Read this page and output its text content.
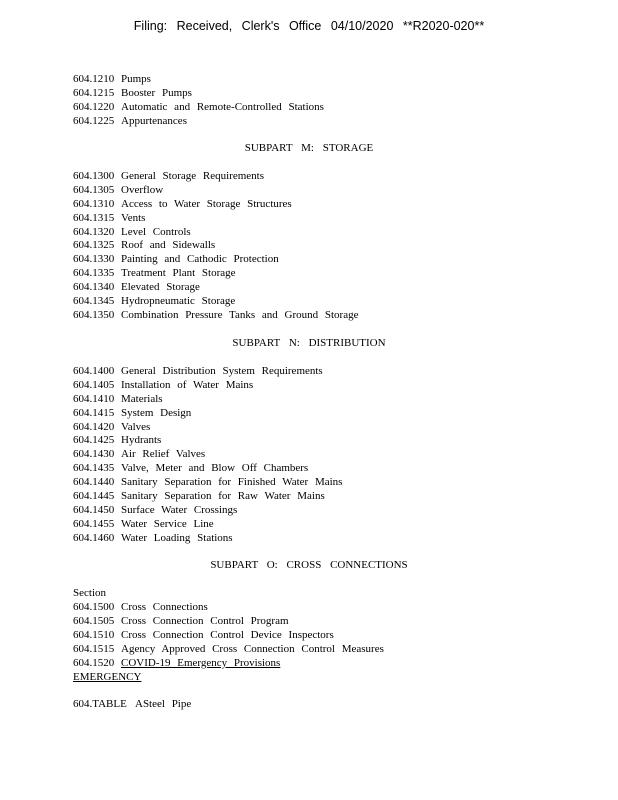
Filing: Received, Clerk's Office 04/10/2020 **R2020-020**
604.1210 Pumps
604.1215 Booster Pumps
604.1220 Automatic and Remote-Controlled Stations
604.1225 Appurtenances
SUBPART M: STORAGE
604.1300 General Storage Requirements
604.1305 Overflow
604.1310 Access to Water Storage Structures
604.1315 Vents
604.1320 Level Controls
604.1325 Roof and Sidewalls
604.1330 Painting and Cathodic Protection
604.1335 Treatment Plant Storage
604.1340 Elevated Storage
604.1345 Hydropneumatic Storage
604.1350 Combination Pressure Tanks and Ground Storage
SUBPART N: DISTRIBUTION
604.1400 General Distribution System Requirements
604.1405 Installation of Water Mains
604.1410 Materials
604.1415 System Design
604.1420 Valves
604.1425 Hydrants
604.1430 Air Relief Valves
604.1435 Valve, Meter and Blow Off Chambers
604.1440 Sanitary Separation for Finished Water Mains
604.1445 Sanitary Separation for Raw Water Mains
604.1450 Surface Water Crossings
604.1455 Water Service Line
604.1460 Water Loading Stations
SUBPART O: CROSS CONNECTIONS
Section
604.1500 Cross Connections
604.1505 Cross Connection Control Program
604.1510 Cross Connection Control Device Inspectors
604.1515 Agency Approved Cross Connection Control Measures
604.1520 COVID-19 Emergency Provisions
EMERGENCY
604.TABLE ASteel Pipe
